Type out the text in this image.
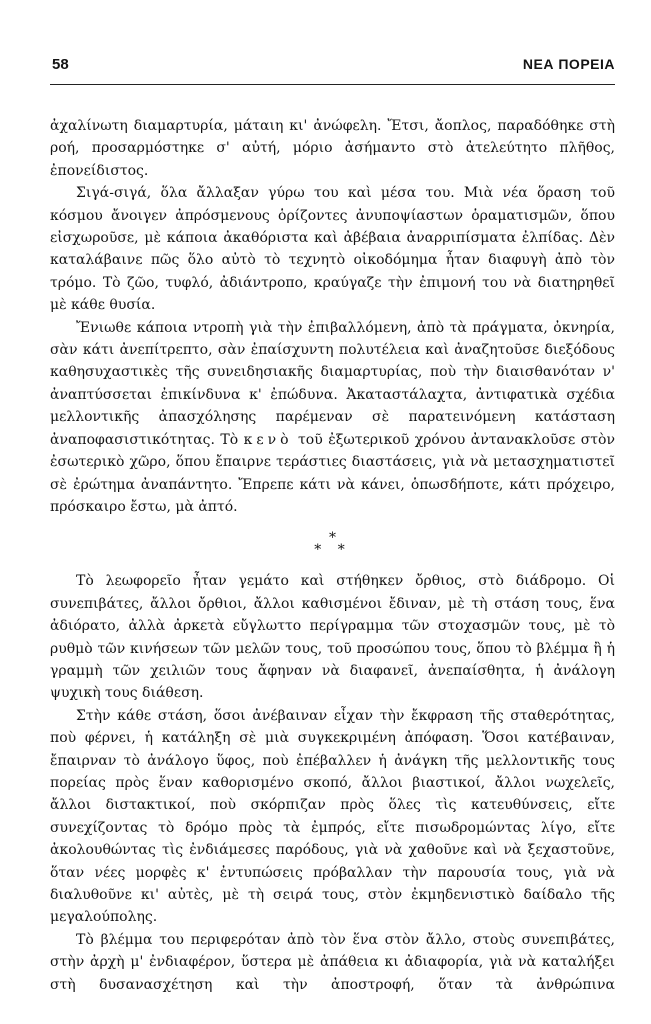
58	ΝΕΑ ΠΟΡΕΙΑ

ἀχαλίνωτη διαμαρτυρία, μάταιη κι' ἀνώφελη. Ἔτσι, ἄοπλος, παραδόθηκε στὴ ροή, προσαρμόστηκε σ' αὐτή, μόριο ἀσήμαντο στὸ ἀτελεύτητο πλῆθος, ἐπονείδιστος.

Σιγά-σιγά, ὅλα ἄλλαξαν γύρω του καὶ μέσα του. Μιὰ νέα ὅραση τοῦ κόσμου ἄνοιγεν ἀπρόσμενους ὁρίζοντες ἀνυποψίαστων ὁραματισμῶν, ὅπου εἰσχωροῦσε, μὲ κάποια ἀκαθόριστα καὶ ἀβέβαια ἀναρριπίσματα ἐλπίδας. Δὲν καταλάβαινε πῶς ὅλο αὐτὸ τὸ τεχνητὸ οἰκοδόμημα ἦταν διαφυγὴ ἀπὸ τὸν τρόμο. Τὸ ζῶο, τυφλό, ἀδιάντροπο, κραύγαζε τὴν ἐπιμονή του νὰ διατηρηθεῖ μὲ κάθε θυσία.

Ἔνιωθε κάποια ντροπὴ γιὰ τὴν ἐπιβαλλόμενη, ἀπὸ τὰ πράγματα, ὀκνηρία, σὰν κάτι ἀνεπίτρεπτο, σὰν ἐπαίσχυντη πολυτέλεια καὶ ἀναζητοῦσε διεξόδους καθησυχαστικὲς τῆς συνειδησιακῆς διαμαρτυρίας, ποὺ τὴν διαισθανόταν ν' ἀναπτύσσεται ἐπικίνδυνα κ' ἐπώδυνα. Ἀκαταστάλαχτα, ἀντιφατικὰ σχέδια μελλοντικῆς ἀπασχόλησης παρέμεναν σὲ παρατεινόμενη κατάσταση ἀναποφασιστικότητας. Τὸ κενὸ τοῦ ἐξωτερικοῦ χρόνου ἀντανακλοῦσε στὸν ἐσωτερικὸ χῶρο, ὅπου ἔπαιρνε τεράστιες διαστάσεις, γιὰ νὰ μετασχηματιστεῖ σὲ ἐρώτημα ἀναπάντητο. Ἔπρεπε κάτι νὰ κάνει, ὁπωσδήποτε, κάτι πρόχειρο, πρόσκαιρο ἔστω, μὰ ἀπτό.

*
* *

Τὸ λεωφορεῖο ἦταν γεμάτο καὶ στήθηκεν ὄρθιος, στὸ διάδρομο. Οἱ συνεπιβάτες, ἄλλοι ὄρθιοι, ἄλλοι καθισμένοι ἔδιναν, μὲ τὴ στάση τους, ἕνα ἀδιόρατο, ἀλλὰ ἀρκετὰ εὔγλωττο περίγραμμα τῶν στοχασμῶν τους, μὲ τὸ ρυθμὸ τῶν κινήσεων τῶν μελῶν τους, τοῦ προσώπου τους, ὅπου τὸ βλέμμα ἢ ἡ γραμμὴ τῶν χειλιῶν τους ἄφηναν νὰ διαφανεῖ, ἀνεπαίσθητα, ἡ ἀνάλογη ψυχικὴ τους διάθεση.

Στὴν κάθε στάση, ὅσοι ἀνέβαιναν εἶχαν τὴν ἔκφραση τῆς σταθερότητας, ποὺ φέρνει, ἡ κατάληξη σὲ μιὰ συγκεκριμένη ἀπόφαση. Ὅσοι κατέβαιναν, ἔπαιρναν τὸ ἀνάλογο ὕφος, ποὺ ἐπέβαλλεν ἡ ἀνάγκη τῆς μελλοντικῆς τους πορείας πρὸς ἕναν καθορισμένο σκοπό, ἄλλοι βιαστικοί, ἄλλοι νωχελεῖς, ἄλλοι διστακτικοί, ποὺ σκόρπιζαν πρὸς ὅλες τὶς κατευθύνσεις, εἴτε συνεχίζοντας τὸ δρόμο πρὸς τὰ ἐμπρός, εἴτε πισωδρομώντας λίγο, εἴτε ἀκολουθώντας τὶς ἐνδιάμεσες παρόδους, γιὰ νὰ χαθοῦνε καὶ νὰ ξεχαστοῦνε, ὅταν νέες μορφὲς κ' ἐντυπώσεις πρόβαλλαν τὴν παρουσία τους, γιὰ νὰ διαλυθοῦνε κι' αὐτὲς, μὲ τὴ σειρά τους, στὸν ἐκμηδενιστικὸ δαίδαλο τῆς μεγαλούπολης.

Τὸ βλέμμα του περιφερόταν ἀπὸ τὸν ἕνα στὸν ἄλλο, στοὺς συνεπιβάτες, στὴν ἀρχὴ μ' ἐνδιαφέρον, ὕστερα μὲ ἀπάθεια κι ἀδιαφορία, γιὰ νὰ καταλήξει στὴ δυσανασχέτηση καὶ τὴν ἀποστροφή, ὅταν τὰ ἀνθρώπινα
